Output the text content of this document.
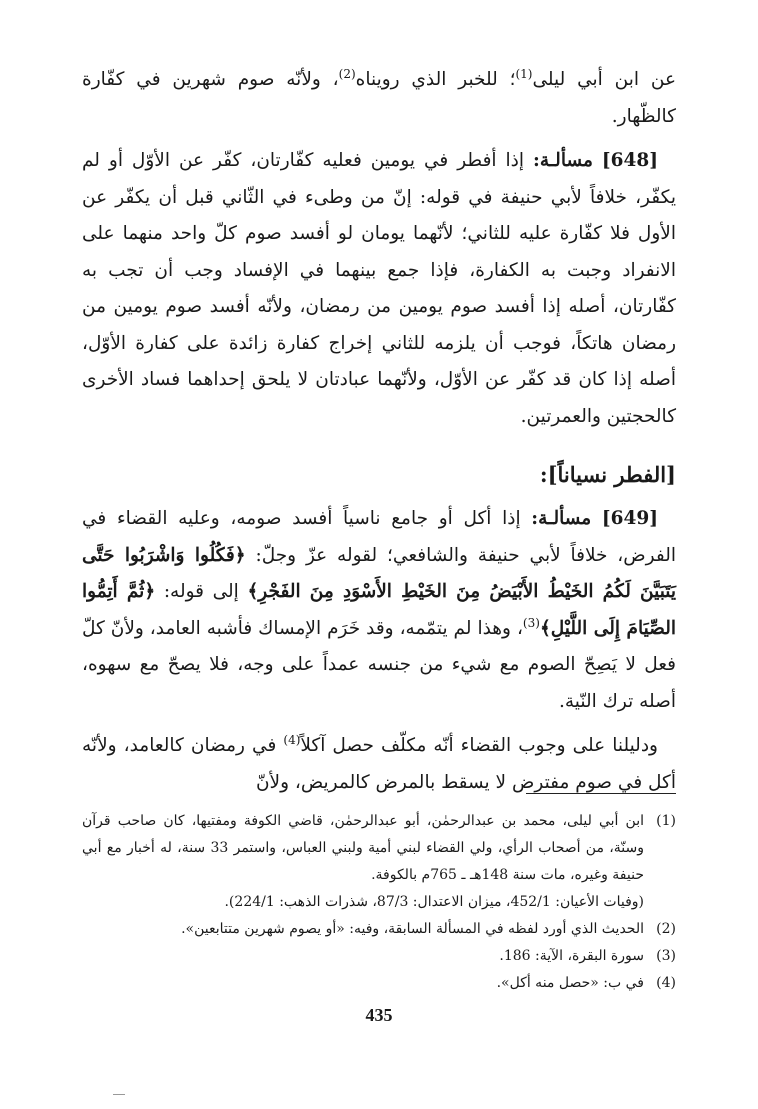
عن ابن أبي ليلى$^{(1)}$؛ للخبر الذي رويناه$^{(2)}$، ولأنّه صوم شهرين في كفّارة كالظّهار.

[648] مسألـة: إذا أفطر في يومين فعليه كفّارتان، كفّر عن الأوّل أو لم يكفّر، خلافاً لأبي حنيفة في قوله: إنّ من وطىء في الثّاني قبل أن يكفّر عن الأول فلا كفّارة عليه للثاني؛ لأنّهما يومان لو أفسد صوم كلّ واحد منهما على الانفراد وجبت به الكفارة، فإذا جمع بينهما في الإفساد وجب أن تجب به كفّارتان، أصله إذا أفسد صوم يومين من رمضان، ولأنّه أفسد صوم يومين من رمضان هاتكاً، فوجب أن يلزمه للثاني إخراج كفارة زائدة على كفارة الأوّل، أصله إذا كان قد كفّر عن الأوّل، ولأنّهما عبادتان لا يلحق إحداهما فساد الأخرى كالحجتين والعمرتين.

[الفطر نسياناً]:

[649] مسألـة: إذا أكل أو جامع ناسياً أفسد صومه، وعليه القضاء في الفرض، خلافاً لأبي حنيفة والشافعي؛ لقوله عزّ وجلّ: ﴿فَكُلُوا وَاشْرَبُوا حَتَّى يَتَبَيَّنَ لَكُمُ الخَيْطُ الأَبْيَضُ مِنَ الخَيْطِ الأَسْوَدِ مِنَ الفَجْرِ﴾ إلى قوله: ﴿ثُمَّ أَتِمُّوا الصِّيَامَ إِلَى اللَّيْلِ﴾$^{(3)}$، وهذا لم يتمّمه، وقد خَرَم الإمساك فأشبه العامد، ولأنّ كلّ فعل لا يَصِحّ الصوم مع شيء من جنسه عمداً على وجه، فلا يصحّ مع سهوه، أصله ترك النّية.

ودليلنا على وجوب القضاء أنّه مكلّف حصل آكلاً$^{(4)}$ في رمضان كالعامد، ولأنّه أكل في صوم مفترض لا يسقط بالمرض كالمريض، ولأنّ

(1)
ابن أبي ليلى، محمد بن عبدالرحمٰن، أبو عبدالرحمٰن، قاضي الكوفة ومفتيها، كان صاحب قرآن وسنّة، من أصحاب الرأي، ولي القضاء لبني أمية ولبني العباس، واستمر 33 سنة، له أخبار مع أبي حنيفة وغيره، مات سنة 148هـ ـ 765م بالكوفة.
(وفيات الأعيان: 452/1، ميزان الاعتدال: 87/3، شذرات الذهب: 224/1).
(2)
الحديث الذي أورد لفظه في المسألة السابقة، وفيه: «أو يصوم شهرين متتابعين».
(3)
سورة البقرة، الآية: 186.
(4)
في ب: «حصل منه أكل».
435
